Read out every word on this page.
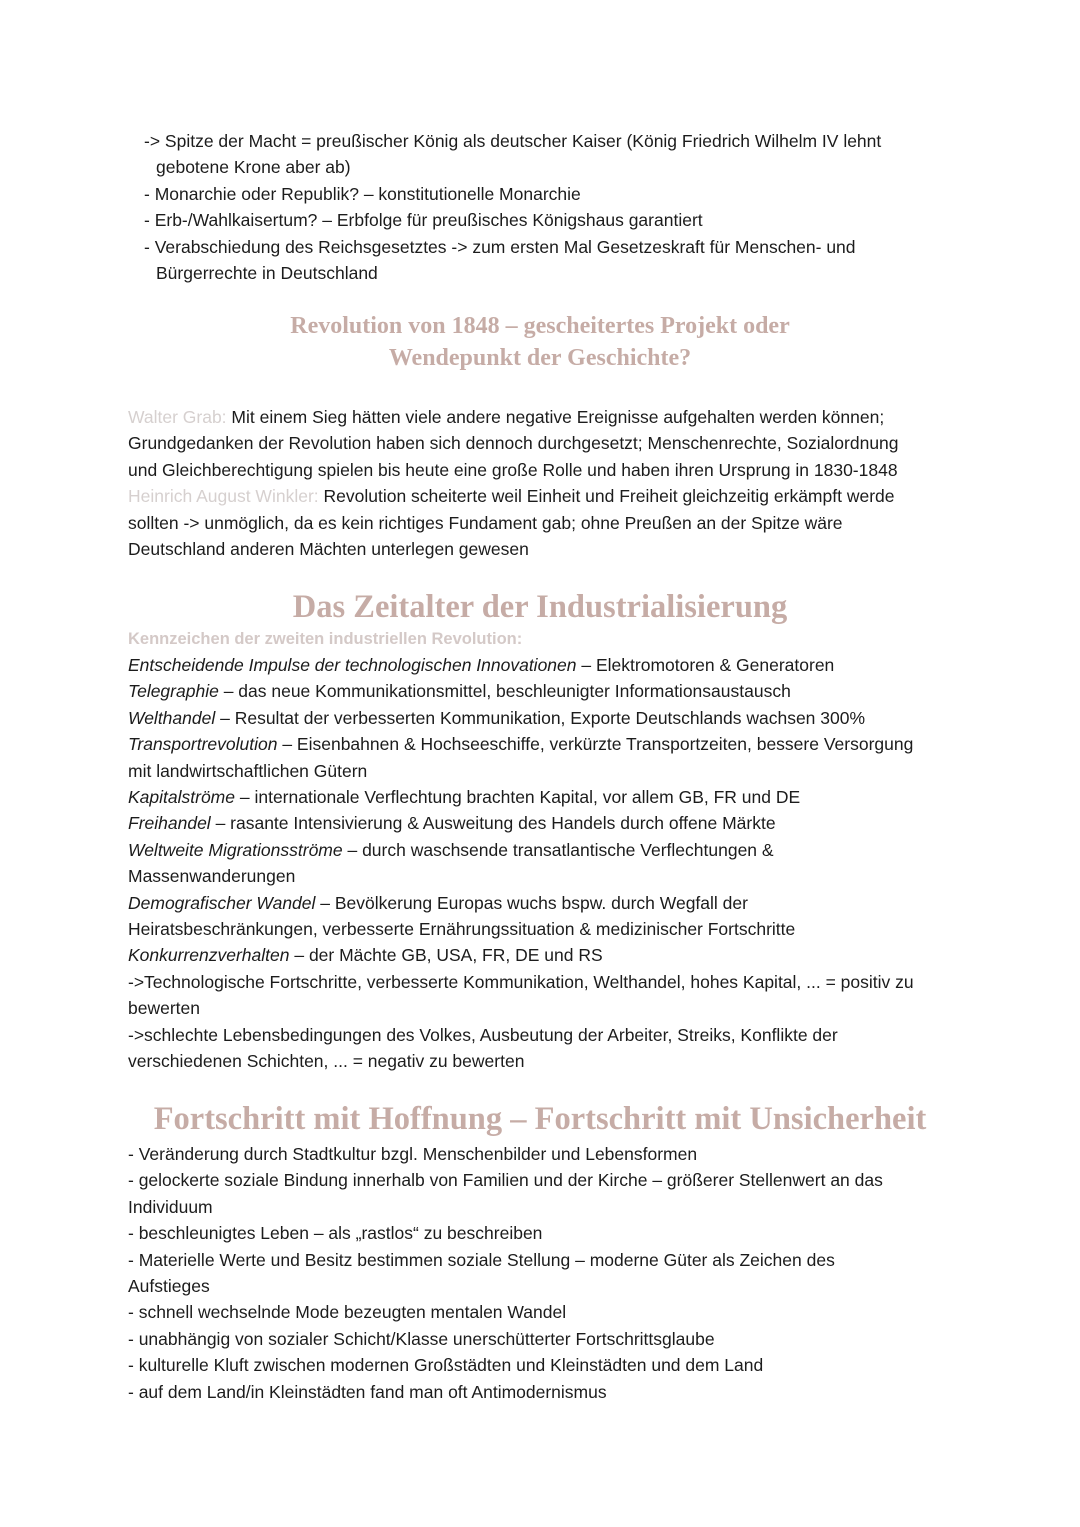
-> Spitze der Macht = preußischer König als deutscher Kaiser (König Friedrich Wilhelm IV lehnt
gebotene Krone aber ab)
- Monarchie oder Republik? – konstitutionelle Monarchie
- Erb-/Wahlkaisertum? – Erbfolge für preußisches Königshaus garantiert
- Verabschiedung des Reichsgesetztes -> zum ersten Mal Gesetzeskraft für Menschen- und
Bürgerrechte in Deutschland
Revolution von 1848 – gescheitertes Projekt oder
Wendepunkt der Geschichte?
Walter Grab: Mit einem Sieg hätten viele andere negative Ereignisse aufgehalten werden können;
Grundgedanken der Revolution haben sich dennoch durchgesetzt; Menschenrechte, Sozialordnung
und Gleichberechtigung spielen bis heute eine große Rolle und haben ihren Ursprung in 1830-1848
Heinrich August Winkler: Revolution scheiterte weil Einheit und Freiheit gleichzeitig erkämpft werde
sollten -> unmöglich, da es kein richtiges Fundament gab; ohne Preußen an der Spitze wäre
Deutschland anderen Mächten unterlegen gewesen
Das Zeitalter der Industrialisierung
Kennzeichen der zweiten industriellen Revolution:
Entscheidende Impulse der technologischen Innovationen – Elektromotoren & Generatoren
Telegraphie – das neue Kommunikationsmittel, beschleunigter Informationsaustausch
Welthandel – Resultat der verbesserten Kommunikation, Exporte Deutschlands wachsen 300%
Transportrevolution – Eisenbahnen & Hochseeschiffe, verkürzte Transportzeiten, bessere Versorgung
mit landwirtschaftlichen Gütern
Kapitalströme – internationale Verflechtung brachten Kapital, vor allem GB, FR und DE
Freihandel – rasante Intensivierung & Ausweitung des Handels durch offene Märkte
Weltweite Migrationsströme – durch waschsende transatlantische Verflechtungen &
Massenwanderungen
Demografischer Wandel – Bevölkerung Europas wuchs bspw. durch Wegfall der
Heiratsbeschränkungen, verbesserte Ernährungssituation & medizinischer Fortschritte
Konkurrenzverhalten – der Mächte GB, USA, FR, DE und RS
->Technologische Fortschritte, verbesserte Kommunikation, Welthandel, hohes Kapital, ... = positiv zu
bewerten
->schlechte Lebensbedingungen des Volkes, Ausbeutung der Arbeiter, Streiks, Konflikte der
verschiedenen Schichten, ... = negativ zu bewerten
Fortschritt mit Hoffnung – Fortschritt mit Unsicherheit
- Veränderung durch Stadtkultur bzgl. Menschenbilder und Lebensformen
- gelockerte soziale Bindung innerhalb von Familien und der Kirche – größerer Stellenwert an das
Individuum
- beschleunigtes Leben – als „rastlos“ zu beschreiben
- Materielle Werte und Besitz bestimmen soziale Stellung – moderne Güter als Zeichen des
Aufstieges
- schnell wechselnde Mode bezeugten mentalen Wandel
- unabhängig von sozialer Schicht/Klasse unerschütterter Fortschrittsglaube
- kulturelle Kluft zwischen modernen Großstädten und Kleinstädten und dem Land
- auf dem Land/in Kleinstädten fand man oft Antimodernismus
